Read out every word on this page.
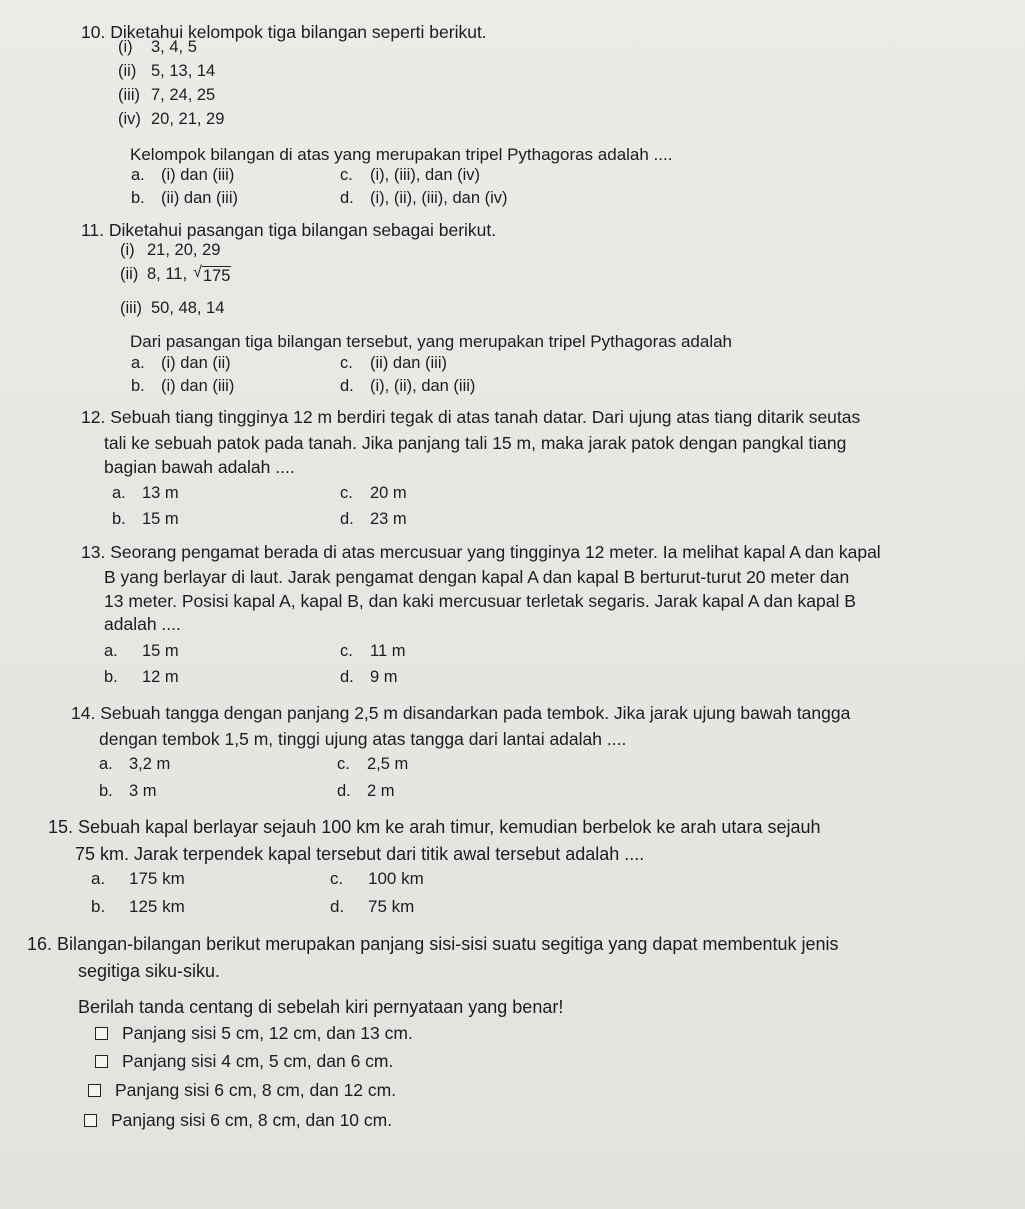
10. Diketahui kelompok tiga bilangan seperti berikut.
(i) 3, 4, 5
(ii) 5, 13, 14
(iii) 7, 24, 25
(iv) 20, 21, 29
Kelompok bilangan di atas yang merupakan tripel Pythagoras adalah ....
a. (i) dan (iii)	c. (i), (iii), dan (iv)
b. (ii) dan (iii)	d. (i), (ii), (iii), dan (iv)
11. Diketahui pasangan tiga bilangan sebagai berikut.
(i) 21, 20, 29
(ii) 8, 11, √ 175
(iii) 50, 48, 14
Dari pasangan tiga bilangan tersebut, yang merupakan tripel Pythagoras adalah
a. (i) dan (ii)	c. (ii) dan (iii)
b. (i) dan (iii)	d. (i), (ii), dan (iii)
12. Sebuah tiang tingginya 12 m berdiri tegak di atas tanah datar. Dari ujung atas tiang ditarik seutas
tali ke sebuah patok pada tanah. Jika panjang tali 15 m, maka jarak patok dengan pangkal tiang
bagian bawah adalah ....
a. 13 m	c. 20 m
b. 15 m	d. 23 m
13. Seorang pengamat berada di atas mercusuar yang tingginya 12 meter. Ia melihat kapal A dan kapal
B yang berlayar di laut. Jarak pengamat dengan kapal A dan kapal B berturut-turut 20 meter dan
13 meter. Posisi kapal A, kapal B, dan kaki mercusuar terletak segaris. Jarak kapal A dan kapal B
adalah ....
a. 15 m	c. 11 m
b. 12 m	d. 9 m
14. Sebuah tangga dengan panjang 2,5 m disandarkan pada tembok. Jika jarak ujung bawah tangga
dengan tembok 1,5 m, tinggi ujung atas tangga dari lantai adalah ....
a. 3,2 m	c. 2,5 m
b. 3 m	d. 2 m
15. Sebuah kapal berlayar sejauh 100 km ke arah timur, kemudian berbelok ke arah utara sejauh
75 km. Jarak terpendek kapal tersebut dari titik awal tersebut adalah ....
a. 175 km	c. 100 km
b. 125 km	d. 75 km
16. Bilangan-bilangan berikut merupakan panjang sisi-sisi suatu segitiga yang dapat membentuk jenis
segitiga siku-siku.
Berilah tanda centang di sebelah kiri pernyataan yang benar!
Panjang sisi 5 cm, 12 cm, dan 13 cm.
Panjang sisi 4 cm, 5 cm, dan 6 cm.
Panjang sisi 6 cm, 8 cm, dan 12 cm.
Panjang sisi 6 cm, 8 cm, dan 10 cm.
